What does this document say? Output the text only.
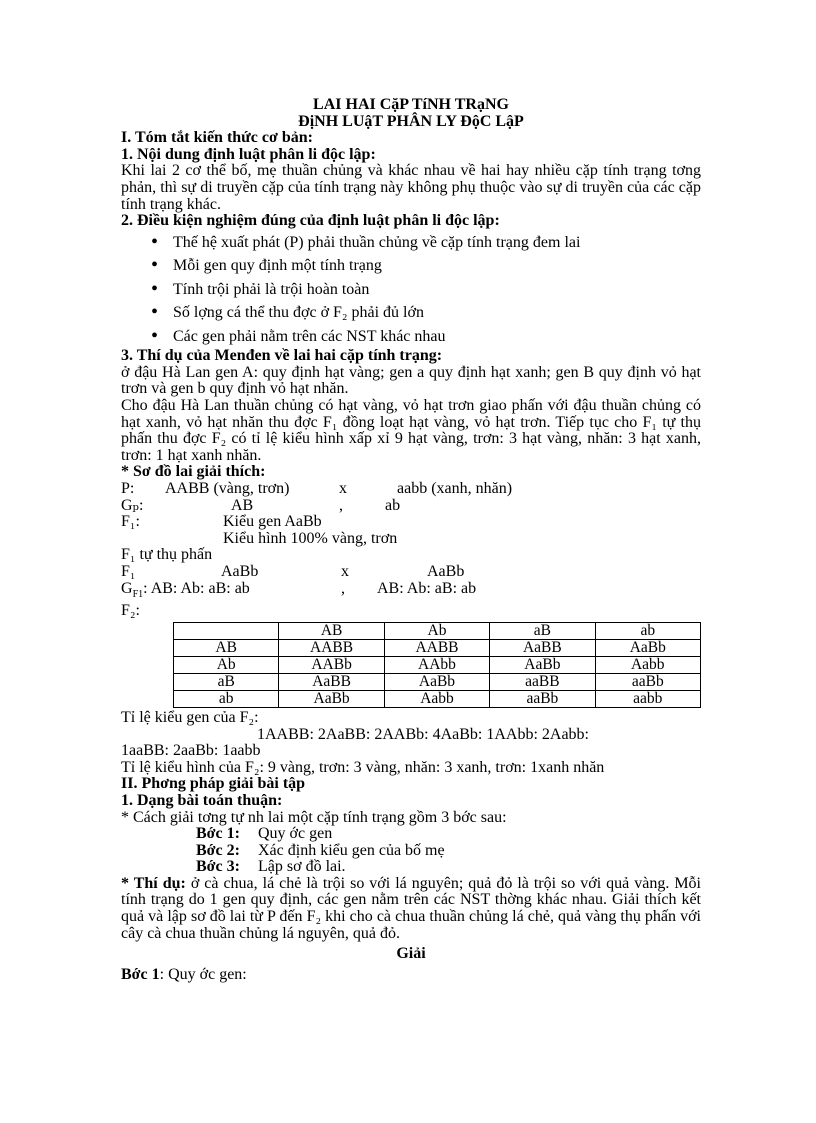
LAI HAI CặP TíNH TRạNG
ĐịNH LUậT PHÂN LY ĐộC LậP

I. Tóm tắt kiến thức cơ bản:

1. Nội dung định luật phân li độc lập:

Khi lai 2 cơ thể bố, mẹ thuần chủng và khác nhau về hai hay nhiều cặp tính trạng tơng phản, thì sự di truyền cặp của tính trạng này không phụ thuộc vào sự di truyền của các cặp tính trạng khác.

2. Điều kiện nghiệm đúng của định luật phân li độc lập:

• Thế hệ xuất phát (P) phải thuần chủng về cặp tính trạng đem lai
• Mỗi gen quy định một tính trạng
• Tính trội phải là trội hoàn toàn
• Số lợng cá thể thu đợc ở F₂ phải đủ lớn
• Các gen phải nằm trên các NST khác nhau

3. Thí dụ của Menđen về lai hai cặp tính trạng:

ở đậu Hà Lan gen A: quy định hạt vàng; gen a quy định hạt xanh; gen B quy định vỏ hạt trơn và gen b quy định vỏ hạt nhăn.

Cho đậu Hà Lan thuần chủng có hạt vàng, vỏ hạt trơn giao phấn với đậu thuần chủng có hạt xanh, vỏ hạt nhăn thu đợc F₁ đồng loạt hạt vàng, vỏ hạt trơn. Tiếp tục cho F₁ tự thụ phấn thu đợc F₂ có tỉ lệ kiểu hình xấp xỉ 9 hạt vàng, trơn: 3 hạt vàng, nhăn: 3 hạt xanh, trơn: 1 hạt xanh nhăn.

* Sơ đồ lai giải thích:

P:	AABB (vàng, trơn)	x	aabb (xanh, nhăn)
Gₚ:	AB	,	ab
F₁:	Kiểu gen AaBb
Kiểu hình 100% vàng, trơn
F₁ tự thụ phấn
F₁	AaBb	x	AaBb
$G_{F1}$: AB: Ab: aB: ab	,	AB: Ab: aB: ab
F₂:
	AB	Ab	aB	ab
AB	AABB	AABB	AaBB	AaBb
Ab	AABb	AAbb	AaBb	Aabb
aB	AaBB	AaBb	aaBB	aaBb
ab	AaBb	Aabb	aaBb	aabb
Tỉ lệ kiểu gen của F₂:
1AABB: 2AaBB: 2AABb: 4AaBb: 1AAbb: 2Aabb:
1aaBB: 2aaBb: 1aabb
Tỉ lệ kiểu hình của F₂: 9 vàng, trơn: 3 vàng, nhăn: 3 xanh, trơn: 1xanh nhăn

II. Phơng pháp giải bài tập

1. Dạng bài toán thuận:

* Cách giải tơng tự nh lai một cặp tính trạng gồm 3 bớc sau:
Bớc 1: Quy ớc gen
Bớc 2: Xác định kiểu gen của bố mẹ
Bớc 3: Lập sơ đồ lai.

* Thí dụ: ở cà chua, lá chẻ là trội so với lá nguyên; quả đỏ là trội so với quả vàng. Mỗi tính trạng do 1 gen quy định, các gen nằm trên các NST thờng khác nhau. Giải thích kết quả và lập sơ đồ lai từ P đến F₂ khi cho cà chua thuần chủng lá chẻ, quả vàng thụ phấn với cây cà chua thuần chủng lá nguyên, quả đỏ.

Giải
Bớc 1: Quy ớc gen:
